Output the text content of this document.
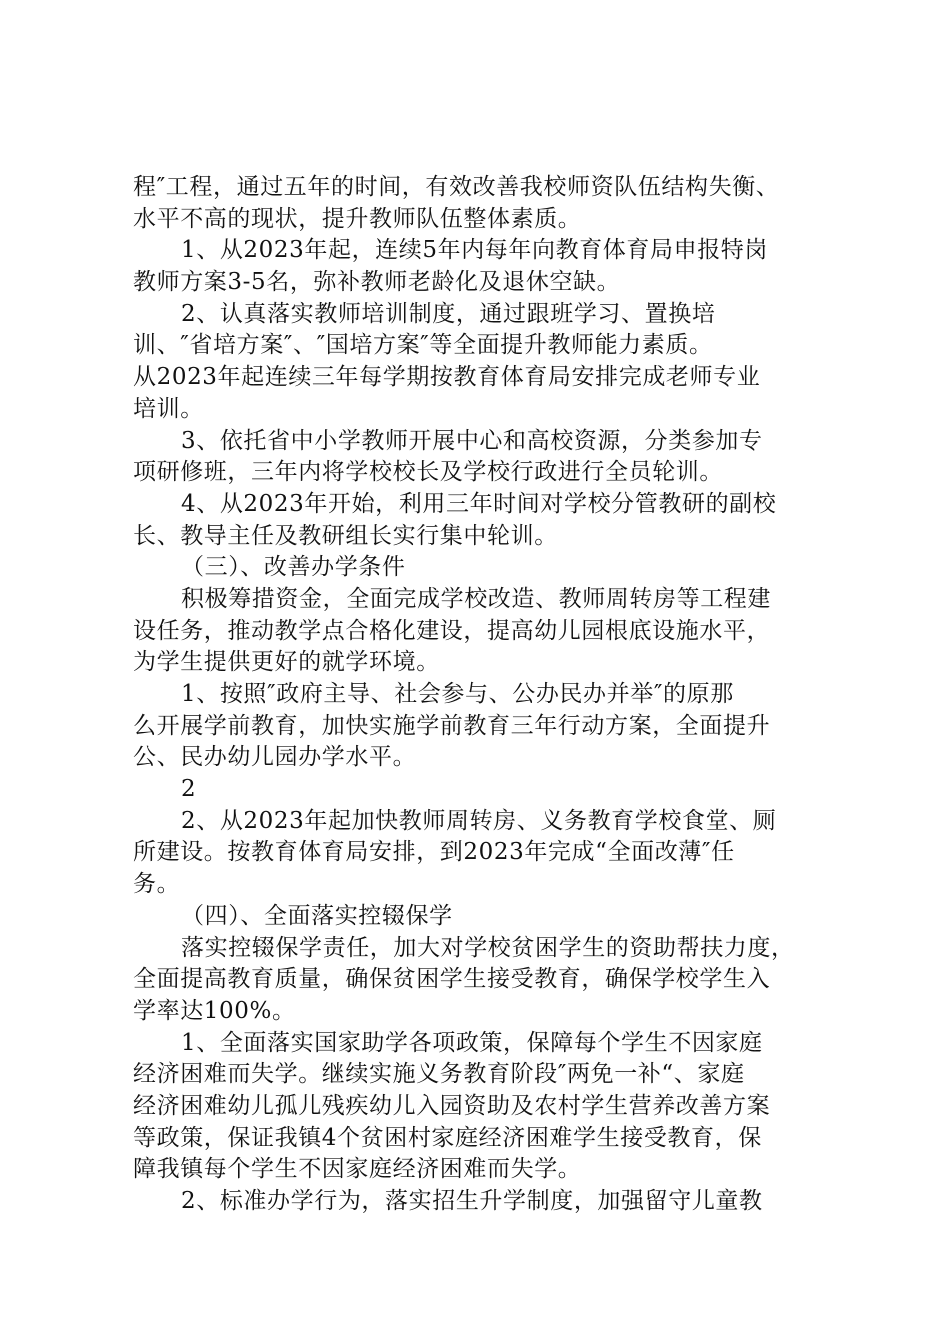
程″工程，通过五年的时间，有效改善我校师资队伍结构失衡、
水平不高的现状，提升教师队伍整体素质。
1、从2023年起，连续5年内每年向教育体育局申报特岗
教师方案3-5名，弥补教师老龄化及退休空缺。
2、认真落实教师培训制度，通过跟班学习、置换培
训、″省培方案″、″国培方案″等全面提升教师能力素质。
从2023年起连续三年每学期按教育体育局安排完成老师专业
培训。
3、依托省中小学教师开展中心和高校资源，分类参加专
项研修班，三年内将学校校长及学校行政进行全员轮训。
4、从2023年开始，利用三年时间对学校分管教研的副校
长、教导主任及教研组长实行集中轮训。
（三）、改善办学条件
积极筹措资金，全面完成学校改造、教师周转房等工程建
设任务，推动教学点合格化建设，提高幼儿园根底设施水平，
为学生提供更好的就学环境。
1、按照″政府主导、社会参与、公办民办并举″的原那
么开展学前教育，加快实施学前教育三年行动方案，全面提升
公、民办幼儿园办学水平。
2
2、从2023年起加快教师周转房、义务教育学校食堂、厕
所建设。按教育体育局安排，到2023年完成“全面改薄″任
务。
（四）、全面落实控辍保学
落实控辍保学责任，加大对学校贫困学生的资助帮扶力度，
全面提高教育质量，确保贫困学生接受教育，确保学校学生入
学率达100%。
1、全面落实国家助学各项政策，保障每个学生不因家庭
经济困难而失学。继续实施义务教育阶段″两免一补“、家庭
经济困难幼儿孤儿残疾幼儿入园资助及农村学生营养改善方案
等政策，保证我镇4个贫困村家庭经济困难学生接受教育，保
障我镇每个学生不因家庭经济困难而失学。
2、标准办学行为，落实招生升学制度，加强留守儿童教
